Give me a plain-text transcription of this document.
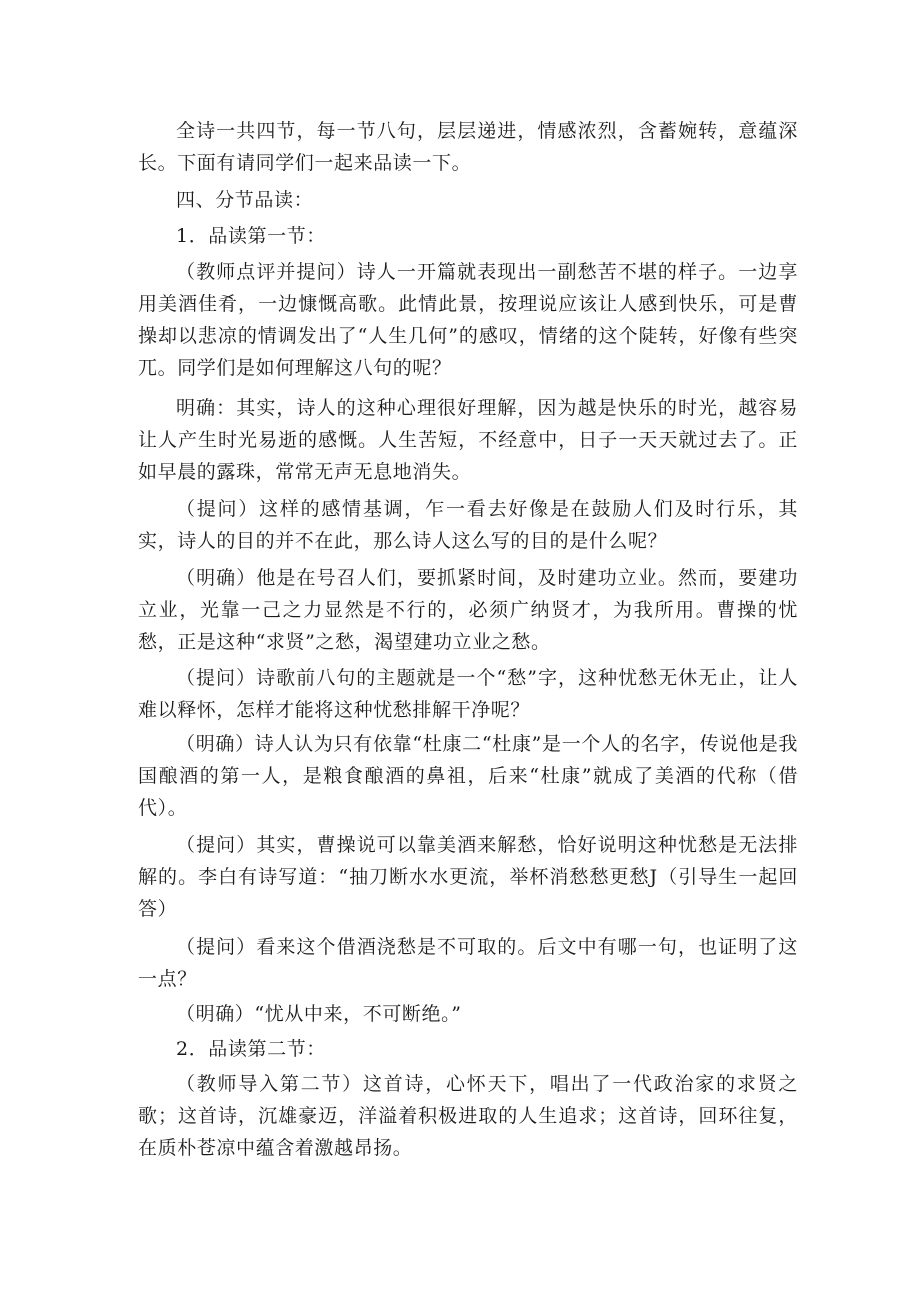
全诗一共四节，每一节八句，层层递进，情感浓烈，含蓄婉转，意蕴深长。下面有请同学们一起来品读一下。

四、分节品读：

1．品读第一节：

（教师点评并提问）诗人一开篇就表现出一副愁苦不堪的样子。一边享用美酒佳肴，一边慷慨高歌。此情此景，按理说应该让人感到快乐，可是曹操却以悲凉的情调发出了“人生几何”的感叹，情绪的这个陡转，好像有些突兀。同学们是如何理解这八句的呢？

明确：其实，诗人的这种心理很好理解，因为越是快乐的时光，越容易让人产生时光易逝的感慨。人生苦短，不经意中，日子一天天就过去了。正如早晨的露珠，常常无声无息地消失。

（提问）这样的感情基调，乍一看去好像是在鼓励人们及时行乐，其实，诗人的目的并不在此，那么诗人这么写的目的是什么呢？

（明确）他是在号召人们，要抓紧时间，及时建功立业。然而，要建功立业，光靠一己之力显然是不行的，必须广纳贤才，为我所用。曹操的忧愁，正是这种“求贤”之愁，渴望建功立业之愁。

（提问）诗歌前八句的主题就是一个“愁”字，这种忧愁无休无止，让人难以释怀，怎样才能将这种忧愁排解干净呢？

（明确）诗人认为只有依靠“杜康二“杜康”是一个人的名字，传说他是我国酿酒的第一人，是粮食酿酒的鼻祖，后来“杜康”就成了美酒的代称（借代）。

（提问）其实，曹操说可以靠美酒来解愁，恰好说明这种忧愁是无法排解的。李白有诗写道：“抽刀断水水更流，举杯消愁愁更愁J（引导生一起回答）

（提问）看来这个借酒浇愁是不可取的。后文中有哪一句，也证明了这一点？

（明确）“忧从中来，不可断绝。”

2．品读第二节：

（教师导入第二节）这首诗，心怀天下，唱出了一代政治家的求贤之歌；这首诗，沉雄豪迈，洋溢着积极进取的人生追求；这首诗，回环往复，在质朴苍凉中蕴含着激越昂扬。
